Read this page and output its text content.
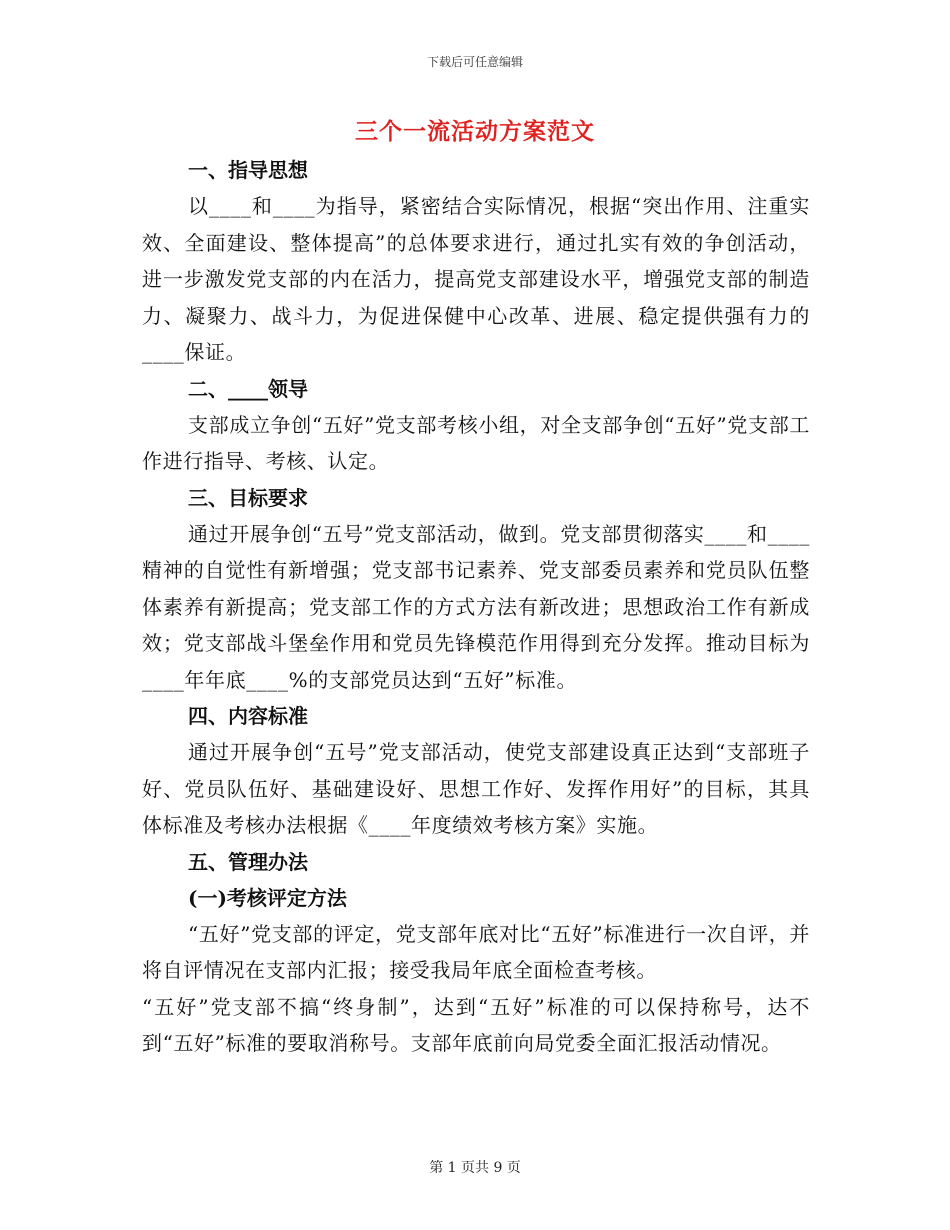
下载后可任意编辑
三个一流活动方案范文
一、指导思想

以____和____为指导，紧密结合实际情况，根据“突出作用、注重实效、全面建设、整体提高”的总体要求进行，通过扎实有效的争创活动，进一步激发党支部的内在活力，提高党支部建设水平，增强党支部的制造力、凝聚力、战斗力，为促进保健中心改革、进展、稳定提供强有力的____保证。

二、____领导

支部成立争创“五好”党支部考核小组，对全支部争创“五好”党支部工作进行指导、考核、认定。

三、目标要求

通过开展争创“五号”党支部活动，做到。党支部贯彻落实____和____精神的自觉性有新增强；党支部书记素养、党支部委员素养和党员队伍整体素养有新提高；党支部工作的方式方法有新改进；思想政治工作有新成效；党支部战斗堡垒作用和党员先锋模范作用得到充分发挥。推动目标为____年年底____%的支部党员达到“五好”标准。

四、内容标准

通过开展争创“五号”党支部活动，使党支部建设真正达到“支部班子好、党员队伍好、基础建设好、思想工作好、发挥作用好”的目标，其具体标准及考核办法根据《____年度绩效考核方案》实施。

五、管理办法
(一)考核评定方法

“五好”党支部的评定，党支部年底对比“五好”标准进行一次自评，并将自评情况在支部内汇报；接受我局年底全面检查考核。

“五好”党支部不搞“终身制”，达到“五好”标准的可以保持称号，达不到“五好”标准的要取消称号。支部年底前向局党委全面汇报活动情况。

第 1 页共 9 页
